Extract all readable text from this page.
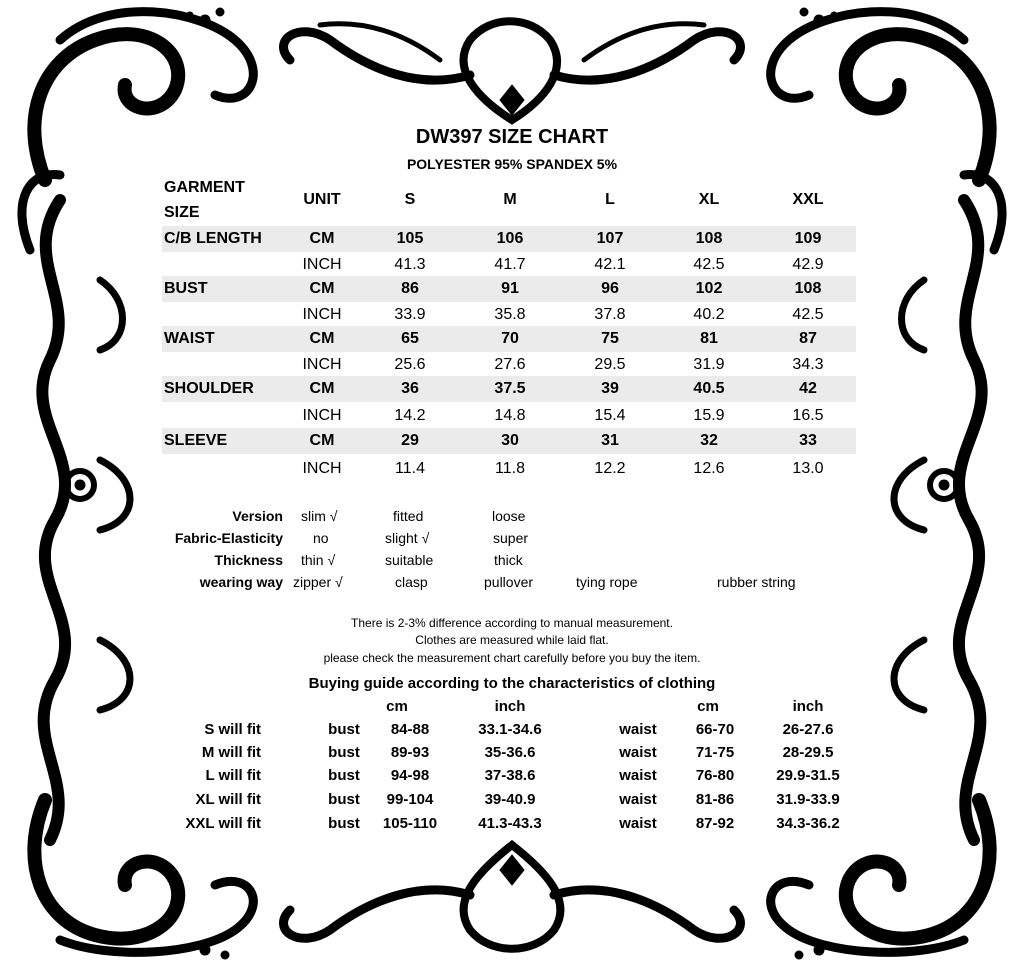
DW397 SIZE CHART
POLYESTER 95% SPANDEX 5%
GARMENT
SIZE
UNIT	S	M	L	XL	XXL
C/B LENGTH	CM	105	106	107	108	109
INCH	41.3	41.7	42.1	42.5	42.9
BUST	CM	86	91	96	102	108
INCH	33.9	35.8	37.8	40.2	42.5
WAIST	CM	65	70	75	81	87
INCH	25.6	27.6	29.5	31.9	34.3
SHOULDER	CM	36	37.5	39	40.5	42
INCH	14.2	14.8	15.4	15.9	16.5
SLEEVE	CM	29	30	31	32	33
INCH	11.4	11.8	12.2	12.6	13.0
Version slim √	fitted	loose
Fabric-Elasticity no	slight √	super
Thickness thin √	suitable	thick
wearing way zipper √	clasp	pullover	tying rope	rubber string
There is 2-3% difference according to manual measurement.
Clothes are measured while laid flat.
please check the measurement chart carefully before you buy the item.
Buying guide according to the characteristics of clothing
cm	inch	cm	inch
S will fit	bust 84-88	33.1-34.6	waist	66-70	26-27.6
M will fit	bust 89-93	35-36.6	waist	71-75	28-29.5
L will fit	bust 94-98	37-38.6	waist	76-80	29.9-31.5
XL will fit	bust 99-104	39-40.9	waist	81-86	31.9-33.9
XXL will fit	bust 105-110	41.3-43.3	waist	87-92	34.3-36.2
